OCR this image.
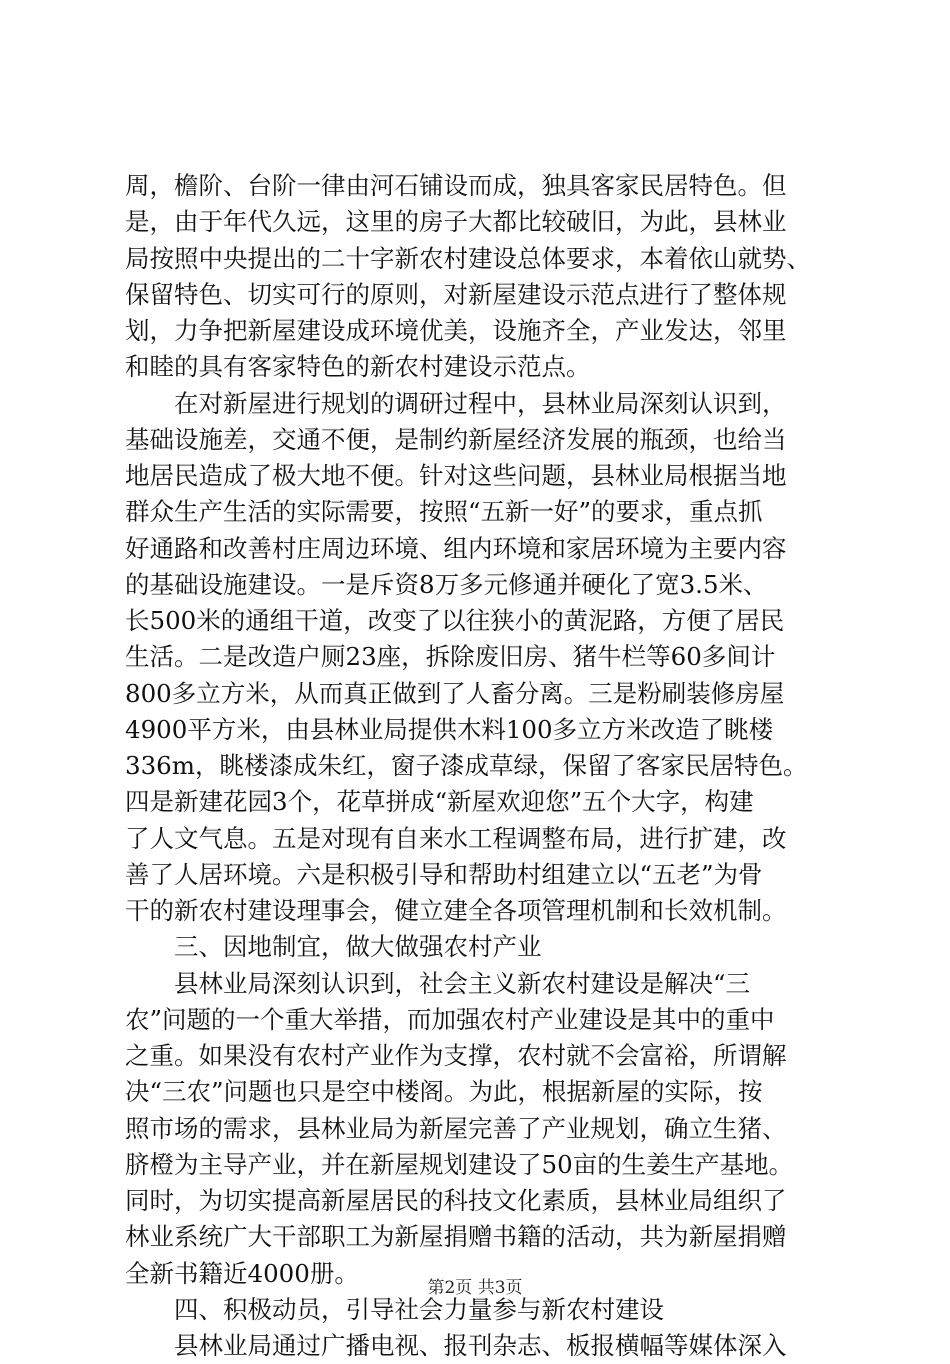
周，檐阶、台阶一律由河石铺设而成，独具客家民居特色。但
是，由于年代久远，这里的房子大都比较破旧，为此，县林业
局按照中央提出的二十字新农村建设总体要求，本着依山就势、
保留特色、切实可行的原则，对新屋建设示范点进行了整体规
划，力争把新屋建设成环境优美，设施齐全，产业发达，邻里
和睦的具有客家特色的新农村建设示范点。
　　在对新屋进行规划的调研过程中，县林业局深刻认识到，
基础设施差，交通不便，是制约新屋经济发展的瓶颈，也给当
地居民造成了极大地不便。针对这些问题，县林业局根据当地
群众生产生活的实际需要，按照“五新一好”的要求，重点抓
好通路和改善村庄周边环境、组内环境和家居环境为主要内容
的基础设施建设。一是斥资8万多元修通并硬化了宽3.5米、
长500米的通组干道，改变了以往狭小的黄泥路，方便了居民
生活。二是改造户厕23座，拆除废旧房、猪牛栏等60多间计
800多立方米，从而真正做到了人畜分离。三是粉刷装修房屋
4900平方米，由县林业局提供木料100多立方米改造了眺楼
336m，眺楼漆成朱红，窗子漆成草绿，保留了客家民居特色。
四是新建花园3个，花草拼成“新屋欢迎您”五个大字，构建
了人文气息。五是对现有自来水工程调整布局，进行扩建，改
善了人居环境。六是积极引导和帮助村组建立以“五老”为骨
干的新农村建设理事会，健立建全各项管理机制和长效机制。
　　三、因地制宜，做大做强农村产业
　　县林业局深刻认识到，社会主义新农村建设是解决“三
农”问题的一个重大举措，而加强农村产业建设是其中的重中
之重。如果没有农村产业作为支撑，农村就不会富裕，所谓解
决“三农”问题也只是空中楼阁。为此，根据新屋的实际，按
照市场的需求，县林业局为新屋完善了产业规划，确立生猪、
脐橙为主导产业，并在新屋规划建设了50亩的生姜生产基地。
同时，为切实提高新屋居民的科技文化素质，县林业局组织了
林业系统广大干部职工为新屋捐赠书籍的活动，共为新屋捐赠
全新书籍近4000册。
　　四、积极动员，引导社会力量参与新农村建设
　　县林业局通过广播电视、报刊杂志、板报横幅等媒体深入
第2页 共3页
